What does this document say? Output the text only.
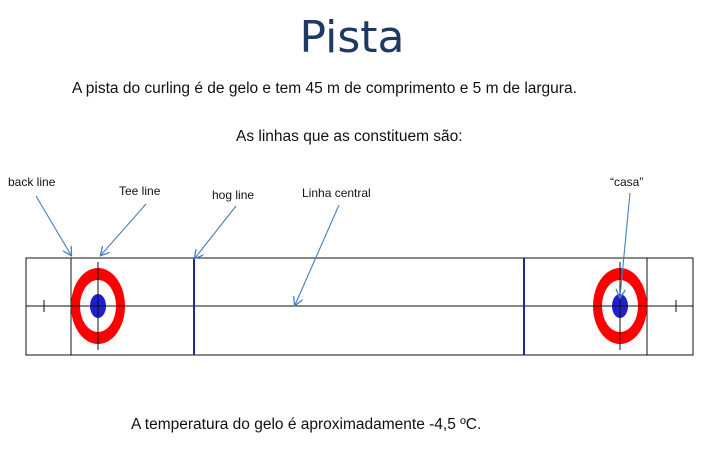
Pista
A pista do curling é de gelo e tem 45 m de comprimento e 5 m de largura.
As linhas que as constituem são:
back line
Tee line	hog line	Linha central
“casa”
A temperatura do gelo é aproximadamente -4,5 ºC.
